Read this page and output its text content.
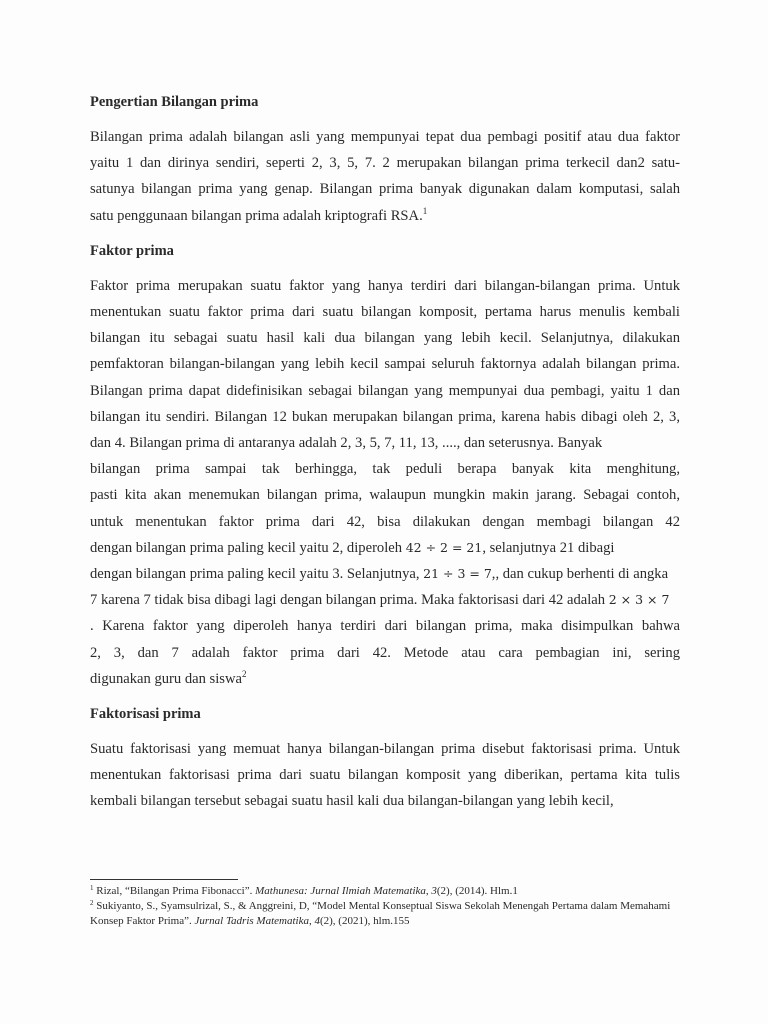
Pengertian Bilangan prima

Bilangan prima adalah bilangan asli yang mempunyai tepat dua pembagi positif atau dua faktor
yaitu 1 dan dirinya sendiri, seperti 2, 3, 5, 7. 2 merupakan bilangan prima terkecil dan2 satu-
satunya bilangan prima yang genap. Bilangan prima banyak digunakan dalam komputasi, salah
satu penggunaan bilangan prima adalah kriptografi RSA.$^1$

Faktor prima

Faktor prima merupakan suatu faktor yang hanya terdiri dari bilangan-bilangan prima. Untuk
menentukan suatu faktor prima dari suatu bilangan komposit, pertama harus menulis kembali
bilangan itu sebagai suatu hasil kali dua bilangan yang lebih kecil. Selanjutnya, dilakukan
pemfaktoran bilangan-bilangan yang lebih kecil sampai seluruh faktornya adalah bilangan prima.
Bilangan prima dapat didefinisikan sebagai bilangan yang mempunyai dua pembagi, yaitu 1 dan
bilangan itu sendiri. Bilangan 12 bukan merupakan bilangan prima, karena habis dibagi oleh 2, 3,
dan 4. Bilangan prima di antaranya adalah 2, 3, 5, 7, 11, 13, ...., dan seterusnya. Banyak
bilangan prima sampai tak berhingga, tak peduli berapa banyak kita menghitung,
pasti kita akan menemukan bilangan prima, walaupun mungkin makin jarang. Sebagai contoh,
untuk menentukan faktor prima dari 42, bisa dilakukan dengan membagi bilangan 42
dengan bilangan prima paling kecil yaitu 2, diperoleh 42 ÷ 2 = 21, selanjutnya 21 dibagi
dengan bilangan prima paling kecil yaitu 3. Selanjutnya, 21 ÷ 3 = 7,, dan cukup berhenti di angka
7 karena 7 tidak bisa dibagi lagi dengan bilangan prima. Maka faktorisasi dari 42 adalah 2 × 3 × 7
. Karena faktor yang diperoleh hanya terdiri dari bilangan prima, maka disimpulkan bahwa
2, 3, dan 7 adalah faktor prima dari 42. Metode atau cara pembagian ini, sering
digunakan guru dan siswa$^2$

Faktorisasi prima

Suatu faktorisasi yang memuat hanya bilangan-bilangan prima disebut faktorisasi prima. Untuk
menentukan faktorisasi prima dari suatu bilangan komposit yang diberikan, pertama kita tulis
kembali bilangan tersebut sebagai suatu hasil kali dua bilangan-bilangan yang lebih kecil,

$^1$ Rizal, “Bilangan Prima Fibonacci”. Mathunesa: Jurnal Ilmiah Matematika, 3(2), (2014). Hlm.1

$^2$ Sukiyanto, S., Syamsulrizal, S., & Anggreini, D, “Model Mental Konseptual Siswa Sekolah Menengah Pertama dalam Memahami Konsep Faktor Prima”. Jurnal Tadris Matematika, 4(2), (2021), hlm.155
